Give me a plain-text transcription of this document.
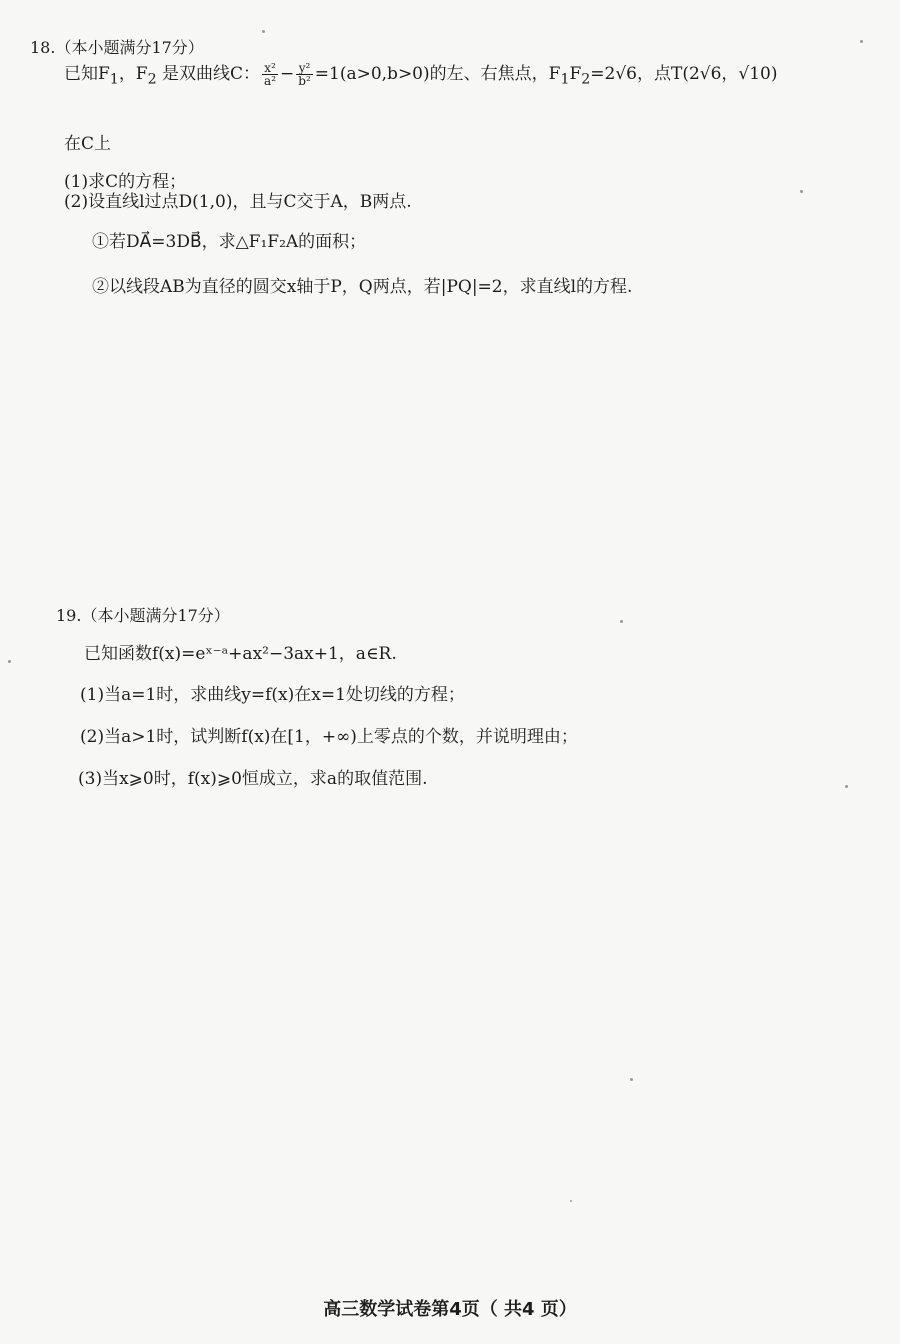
18.（本小题满分17分）
已知$F_1$，$F_2$ 是双曲线C： $\frac{\text{x²}}{\text{a²}} - \frac{\text{y²}}{\text{b²}} =1(a>0,b>0)$的左、右焦点，$F_1F_2=2√6$，点T(2√6，√10)
在C上
(1)求C的方程；
(2)设直线l过点D(1,0)，且与C交于A，B两点.
①若DA⃗=3DB⃗，求△F₁F₂A的面积；
②以线段AB为直径的圆交x轴于P，Q两点，若|PQ|=2，求直线l的方程.
19.（本小题满分17分）
已知函数f(x)=eˣ⁻ᵃ+ax²−3ax+1，a∈R.
(1)当a=1时，求曲线y=f(x)在x=1处切线的方程；
(2)当a>1时，试判断f(x)在[1，+∞)上零点的个数，并说明理由；
(3)当x⩾0时，f(x)⩾0恒成立，求a的取值范围.
高三数学试卷第4页（ 共4 页）
